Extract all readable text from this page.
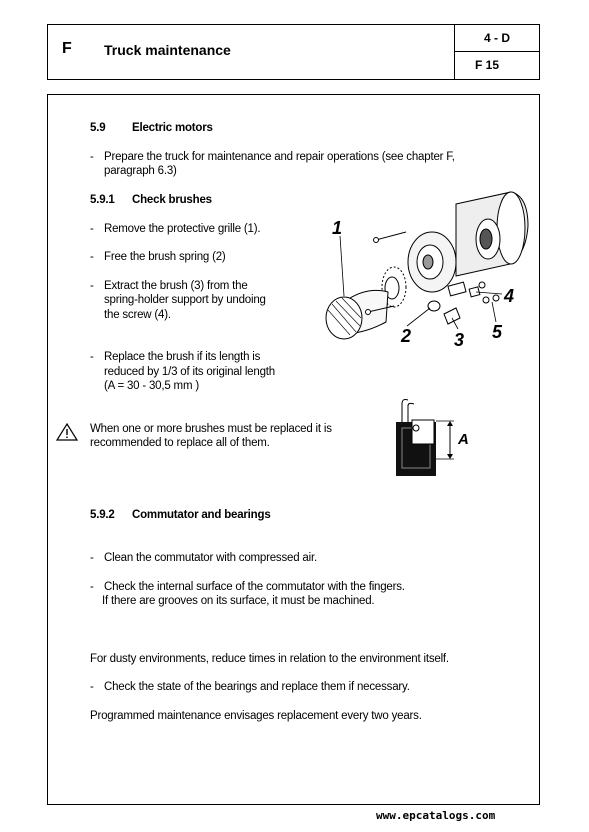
F Truck maintenance
4 - D
F 15
5.9 Electric motors
- Prepare the truck for maintenance and repair operations (see chapter F,
paragraph 6.3)
5.9.1 Check brushes
- Remove the protective grille (1).
- Free the brush spring (2)
- Extract the brush (3) from the
spring-holder support by undoing
the screw (4).
- Replace the brush if its length is
reduced by 1/3 of its original length
(A = 30 - 30,5 mm )
When one or more brushes must be replaced it is
recommended to replace all of them.
5.9.2 Commutator and bearings
- Clean the commutator with compressed air.
- Check the internal surface of the commutator with the fingers.
If there are grooves on its surface, it must be machined.
For dusty environments, reduce times in relation to the environment itself.
- Check the state of the bearings and replace them if necessary.
Programmed maintenance envisages replacement every two years.
1
2 3
4
5
A
www.epcatalogs.com
